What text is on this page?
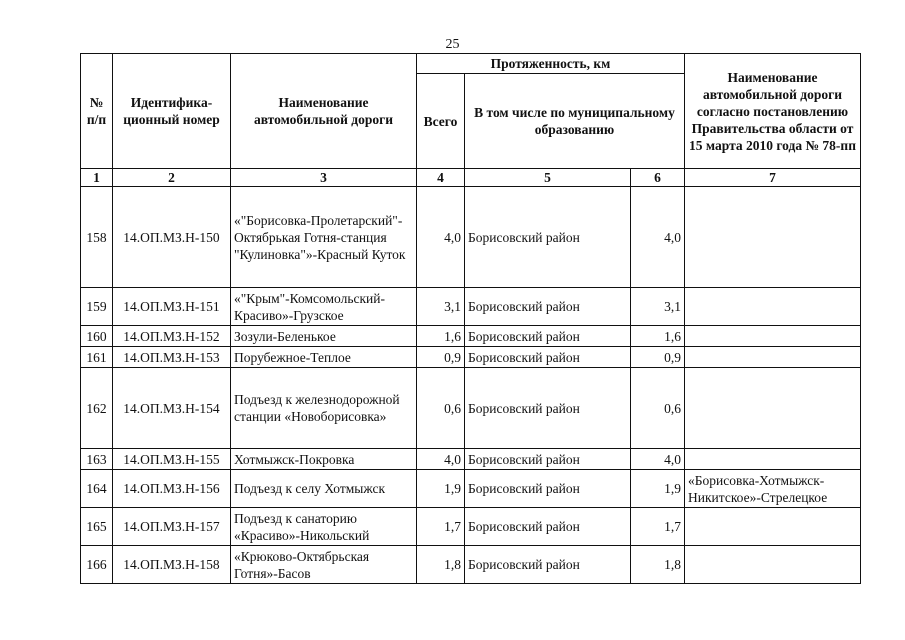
25
№ п/п	Идентифика-ционный номер	Наименование автомобильной дороги	Протяженность, км			Наименование автомобильной дороги согласно постановлению Правительства области от 15 марта 2010 года № 78-пп
			Всего	В том числе по муниципальному образованию		
1	2	3	4	5	6	7
158	14.ОП.МЗ.Н-150	«"Борисовка-Пролетарский"-Октябрькая Готня-станция "Кулиновка"»-Красный Куток	4,0	Борисовский район	4,0	
159	14.ОП.МЗ.Н-151	«"Крым"-Комсомольский-Красиво»-Грузское	3,1	Борисовский район	3,1	
160	14.ОП.МЗ.Н-152	Зозули-Беленькое	1,6	Борисовский район	1,6	
161	14.ОП.МЗ.Н-153	Порубежное-Теплое	0,9	Борисовский район	0,9	
162	14.ОП.МЗ.Н-154	Подъезд к железнодорожной станции «Новоборисовка»	0,6	Борисовский район	0,6	
163	14.ОП.МЗ.Н-155	Хотмыжск-Покровка	4,0	Борисовский район	4,0	
164	14.ОП.МЗ.Н-156	Подъезд к селу Хотмыжск	1,9	Борисовский район	1,9	«Борисовка-Хотмыжск-Никитское»-Стрелецкое
165	14.ОП.МЗ.Н-157	Подъезд к санаторию «Красиво»-Никольский	1,7	Борисовский район	1,7	
166	14.ОП.МЗ.Н-158	«Крюково-Октябрьская Готня»-Басов	1,8	Борисовский район	1,8	
